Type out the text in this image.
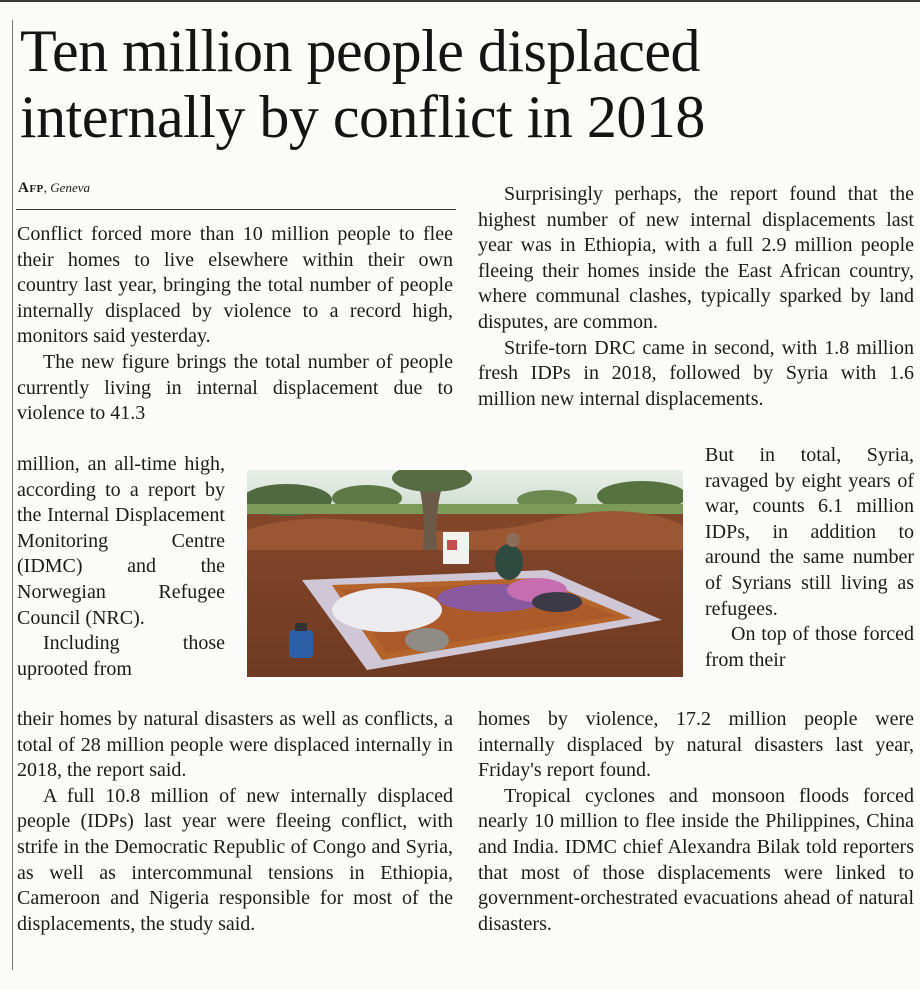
Ten million people displaced internally by conflict in 2018
Afp, Geneva

Conflict forced more than 10 million people to flee their homes to live elsewhere within their own country last year, bringing the total number of people internally displaced by violence to a record high, monitors said yesterday.

The new figure brings the total number of people currently living in internal displacement due to violence to 41.3

million, an all-time high, according to a report by the Internal Displacement Monitoring Centre (IDMC) and the Norwegian Refugee Council (NRC).

Including those uprooted from

their homes by natural disasters as well as conflicts, a total of 28 million people were displaced internally in 2018, the report said.

A full 10.8 million of new internally displaced people (IDPs) last year were fleeing conflict, with strife in the Democratic Republic of Congo and Syria, as well as intercommunal tensions in Ethiopia, Cameroon and Nigeria responsible for most of the displacements, the study said.

Surprisingly perhaps, the report found that the highest number of new internal displacements last year was in Ethiopia, with a full 2.9 million people fleeing their homes inside the East African country, where communal clashes, typically sparked by land disputes, are common.

Strife-torn DRC came in second, with 1.8 million fresh IDPs in 2018, followed by Syria with 1.6 million new internal displacements.

But in total, Syria, ravaged by eight years of war, counts 6.1 million IDPs, in addition to around the same number of Syrians still living as refugees.

On top of those forced from their

homes by violence, 17.2 million people were internally displaced by natural disasters last year, Friday's report found.

Tropical cyclones and monsoon floods forced nearly 10 million to flee inside the Philippines, China and India. IDMC chief Alexandra Bilak told reporters that most of those displacements were linked to government-orchestrated evacuations ahead of natural disasters.
